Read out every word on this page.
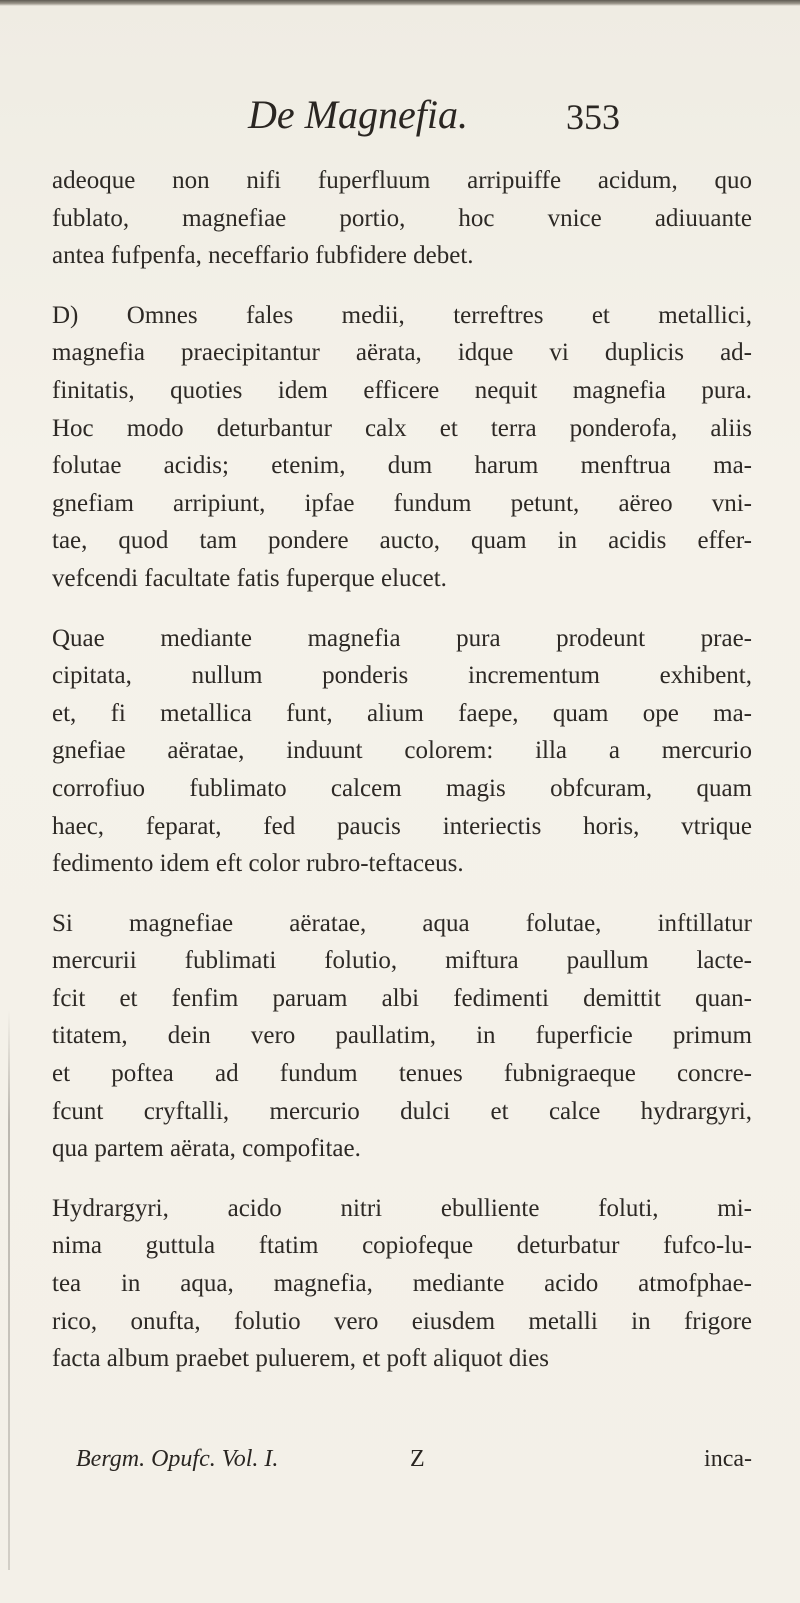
De Magnefia.	353
adeoque non nifi fuperfluum arripuiffe acidum, quo
fublato, magnefiae portio, hoc vnice adiuuante
antea fufpenfa, neceffario fubfidere debet.
D) Omnes fales medii, terreftres et metallici,
magnefia praecipitantur aërata, idque vi duplicis ad-
finitatis, quoties idem efficere nequit magnefia pura.
Hoc modo deturbantur calx et terra ponderofa, aliis
folutae acidis; etenim, dum harum menftrua ma-
gnefiam arripiunt, ipfae fundum petunt, aëreo vni-
tae, quod tam pondere aucto, quam in acidis effer-
vefcendi facultate fatis fuperque elucet.
Quae mediante magnefia pura prodeunt prae-
cipitata, nullum ponderis incrementum exhibent,
et, fi metallica funt, alium faepe, quam ope ma-
gnefiae aëratae, induunt colorem: illa a mercurio
corrofiuo fublimato calcem magis obfcuram, quam
haec, feparat, fed paucis interiectis horis, vtrique
fedimento idem eft color rubro-teftaceus.
Si magnefiae aëratae, aqua folutae, inftillatur
mercurii fublimati folutio, miftura paullum lacte-
fcit et fenfim paruam albi fedimenti demittit quan-
titatem, dein vero paullatim, in fuperficie primum
et poftea ad fundum tenues fubnigraeque concre-
fcunt cryftalli, mercurio dulci et calce hydrargyri,
qua partem aërata, compofitae.
Hydrargyri, acido nitri ebulliente foluti, mi-
nima guttula ftatim copiofeque deturbatur fufco-lu-
tea in aqua, magnefia, mediante acido atmofphae-
rico, onufta, folutio vero eiusdem metalli in frigore
facta album praebet puluerem, et poft aliquot dies
Bergm. Opufc. Vol. I.	Z	inca-
